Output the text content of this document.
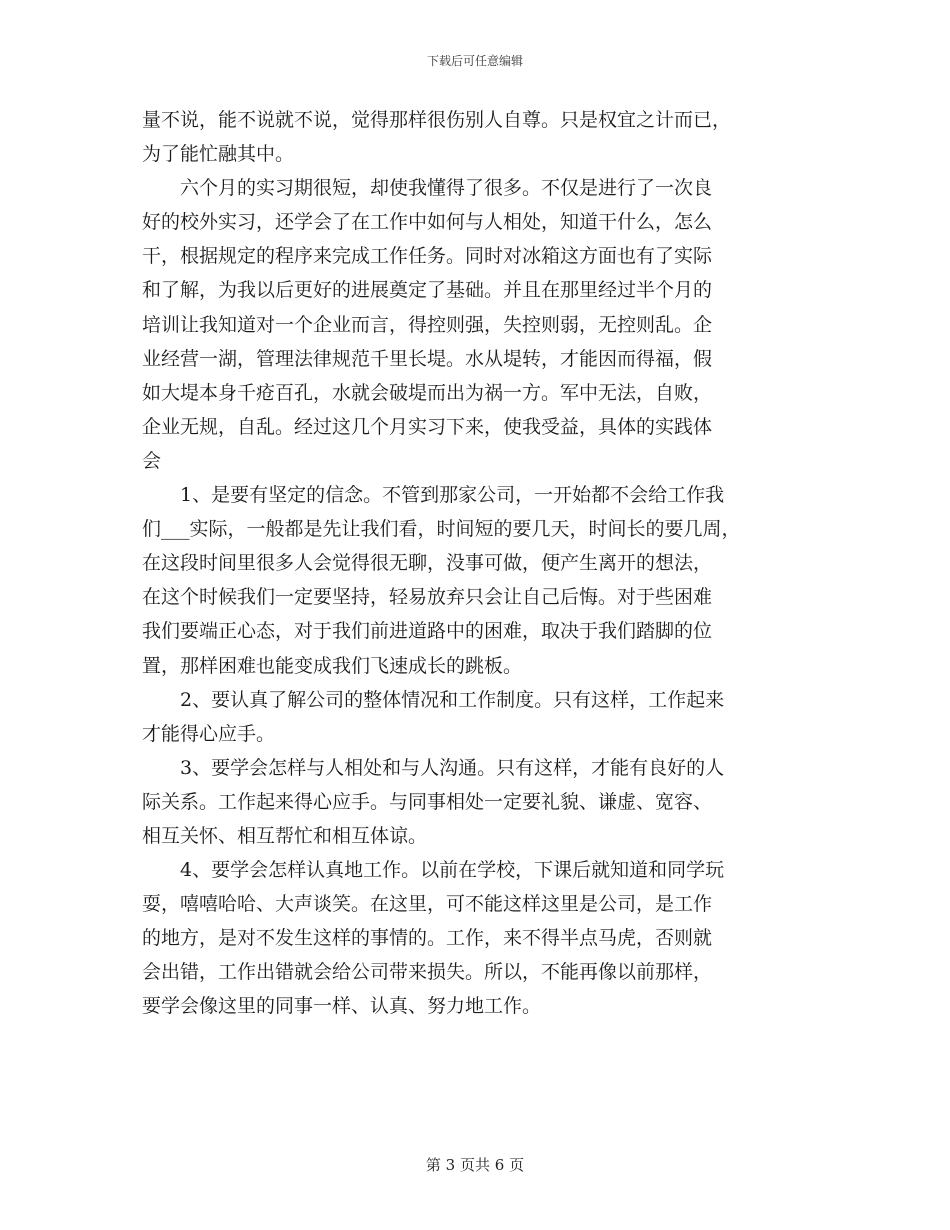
下载后可任意编辑
量不说，能不说就不说，觉得那样很伤别人自尊。只是权宜之计而已，
为了能忙融其中。
　　六个月的实习期很短，却使我懂得了很多。不仅是进行了一次良
好的校外实习，还学会了在工作中如何与人相处，知道干什么，怎么
干，根据规定的程序来完成工作任务。同时对冰箱这方面也有了实际
和了解，为我以后更好的进展奠定了基础。并且在那里经过半个月的
培训让我知道对一个企业而言，得控则强，失控则弱，无控则乱。企
业经营一湖，管理法律规范千里长堤。水从堤转，才能因而得福，假
如大堤本身千疮百孔，水就会破堤而出为祸一方。军中无法，自败，
企业无规，自乱。经过这几个月实习下来，使我受益，具体的实践体
会
　　1、是要有坚定的信念。不管到那家公司，一开始都不会给工作我
们___实际，一般都是先让我们看，时间短的要几天，时间长的要几周，
在这段时间里很多人会觉得很无聊，没事可做，便产生离开的想法，
在这个时候我们一定要坚持，轻易放弃只会让自己后悔。对于些困难
我们要端正心态，对于我们前进道路中的困难，取决于我们踏脚的位
置，那样困难也能变成我们飞速成长的跳板。
　　2、要认真了解公司的整体情况和工作制度。只有这样，工作起来
才能得心应手。
　　3、要学会怎样与人相处和与人沟通。只有这样，才能有良好的人
际关系。工作起来得心应手。与同事相处一定要礼貌、谦虚、宽容、
相互关怀、相互帮忙和相互体谅。
　　4、要学会怎样认真地工作。以前在学校，下课后就知道和同学玩
耍，嘻嘻哈哈、大声谈笑。在这里，可不能这样这里是公司，是工作
的地方，是对不发生这样的事情的。工作，来不得半点马虎，否则就
会出错，工作出错就会给公司带来损失。所以，不能再像以前那样，
要学会像这里的同事一样、认真、努力地工作。
第 3 页共 6 页
